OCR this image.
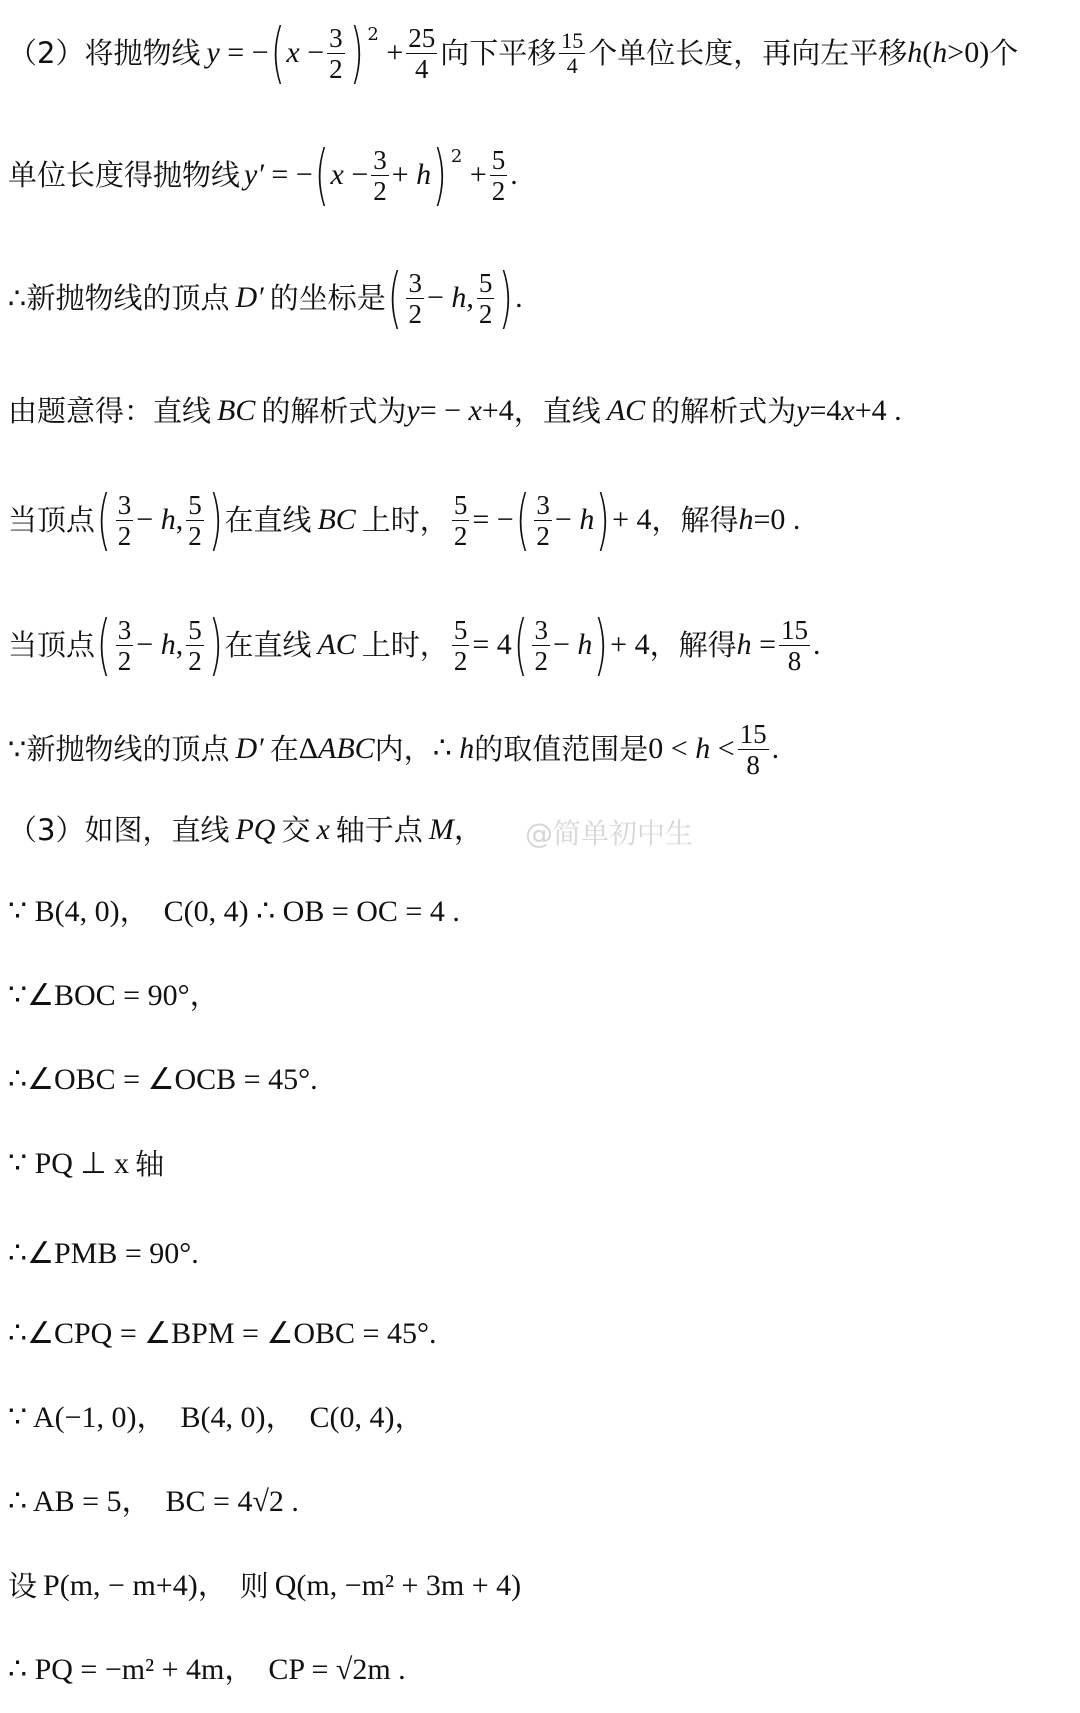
（2）将抛物线 y = − ( $x - \frac{3}{2}$ ) 2
+ $\frac{25}{4}$ 向下平移 $\frac{15}{4}$ 个单位长度，再向左平移 h(h>0) 个
单位长度得抛物线 y′ = − ( $x - \frac{3}{2} + h$ ) 2
+ $\frac{5}{2}$ .
∴新抛物线的顶点 D′ 的坐标是 ( $\frac{3}{2} - h$, $\frac{5}{2}$ ) .
由题意得：直线 BC 的解析式为 y= − x+4 ，直线 AC 的解析式为 y=4x+4 .
当顶点 ( $\frac{3}{2} - h$, $\frac{5}{2}$ ) 在直线 BC 上时， $\frac{5}{2}$ = − ( $\frac{3}{2} - h$ ) + 4 ，解得 h=0 .
当顶点 ( $\frac{3}{2} - h$, $\frac{5}{2}$ ) 在直线 AC 上时， $\frac{5}{2} = 4$ ( $\frac{3}{2} - h$ ) + 4 ，解得 $h = \frac{15}{8}$ .
∵新抛物线的顶点 D′ 在 ΔABC 内， ∴ h 的取值范围是 $0 < h < \frac{15}{8}$ .
（3）如图，直线 PQ 交 x 轴于点 M ， @简单初中生
∵ B(4, 0)， C(0, 4) ∴ OB = OC = 4 .
∵∠BOC = 90°，
∴∠OBC = ∠OCB = 45°.
∵ PQ ⊥ x 轴
∴∠PMB = 90°.
∴∠CPQ = ∠BPM = ∠OBC = 45°.
∵ A(−1, 0)， B(4, 0)， C(0, 4)，
∴ AB = 5， BC = 4√2 .
设 P(m, − m+4)， 则 Q(m, −m² + 3m + 4)
∴ PQ = −m² + 4m， CP = √2m .
